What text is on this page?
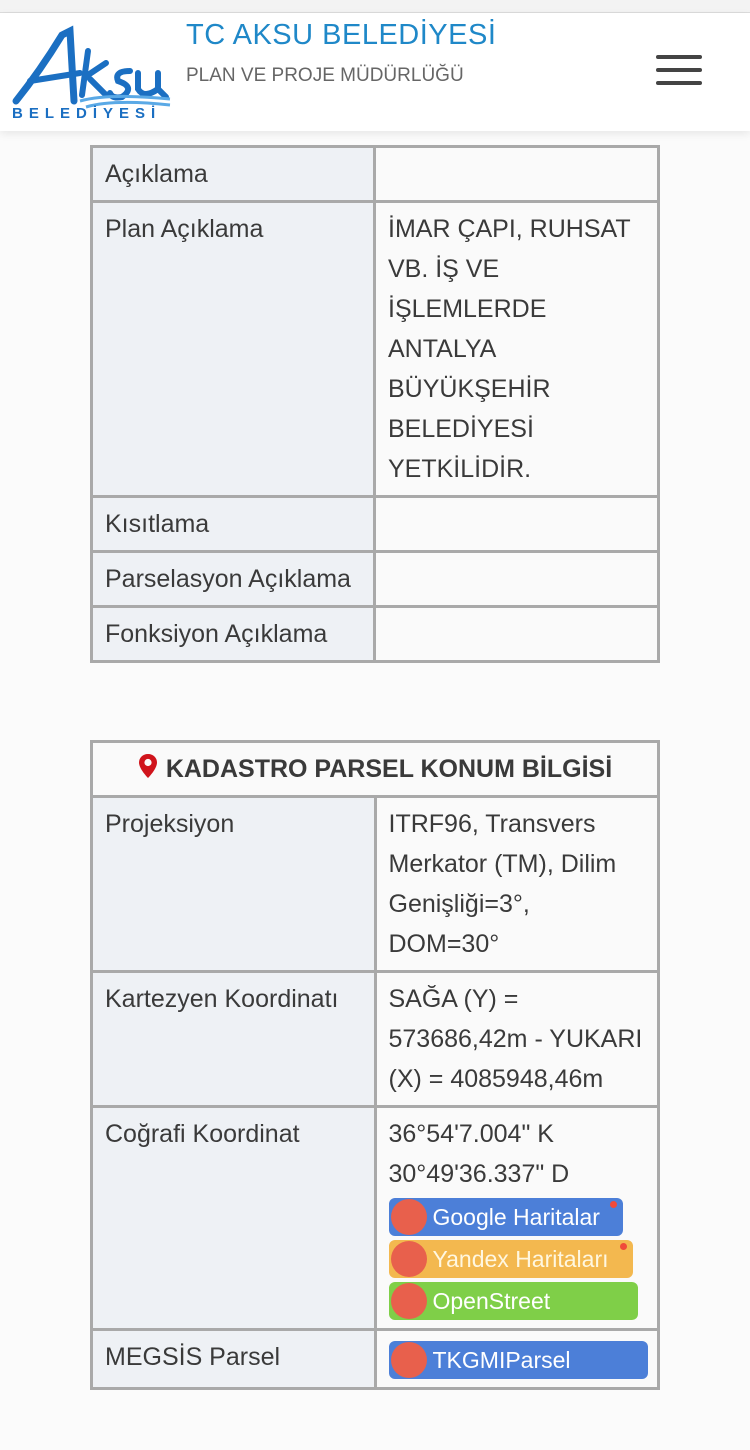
BELEDİYESİ
TC AKSU BELEDİYESİ
PLAN VE PROJE MÜDÜRLÜĞÜ
Açıklama	
Plan Açıklama	İMAR ÇAPI, RUHSAT VB. İŞ VE İŞLEMLERDE ANTALYA BÜYÜKŞEHİR BELEDİYESİ YETKİLİDİR.
Kısıtlama	
Parselasyon Açıklama	
Fonksiyon Açıklama	
KADASTRO PARSEL KONUM BİLGİSİ	
Projeksiyon	ITRF96, Transvers Merkator (TM), Dilim Genişliği=3°, DOM=30°
Kartezyen Koordinatı	SAĞA (Y) = 573686,42m - YUKARI (X) = 4085948,46m
Coğrafi Koordinat	36°54'7.004" K 30°49'36.337" D
Google Haritalar
Yandex Haritaları
OpenStreet

MEGSİS Parsel	TKGMIParsel
